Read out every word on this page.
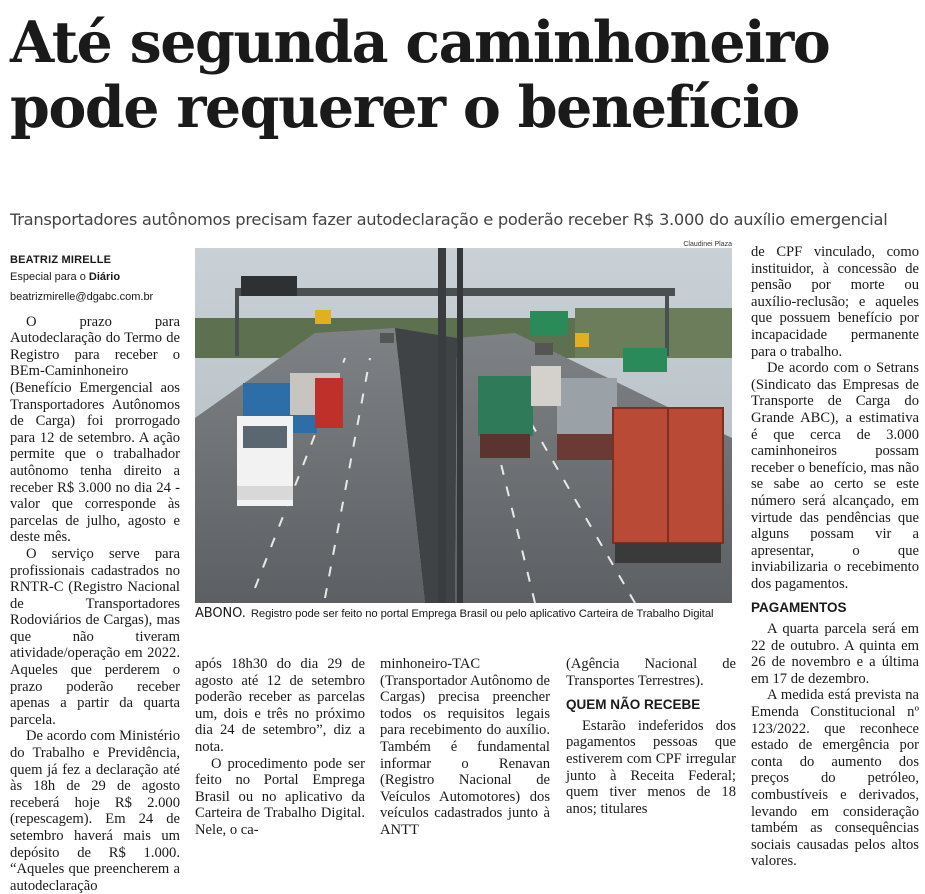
Até segunda caminhoneiro
pode requerer o benefício

Transportadores autônomos precisam fazer autodeclaração e poderão receber R$ 3.000 do auxílio emergencial

BEATRIZ MIRELLE
Especial para o Diário
beatrizmirelle@dgabc.com.br

O prazo para Autodeclaração do Termo de Registro para receber o BEm-Caminhoneiro (Benefício Emergencial aos Transportadores Autônomos de Carga) foi prorrogado para 12 de setembro. A ação permite que o trabalhador autônomo tenha direito a receber R$ 3.000 no dia 24 - valor que corresponde às parcelas de julho, agosto e deste mês.

O serviço serve para profissionais cadastrados no RNTR-C (Registro Nacional de Transportadores Rodoviários de Cargas), mas que não tiveram atividade/operação em 2022. Aqueles que perderem o prazo poderão receber apenas a partir da quarta parcela.

De acordo com Ministério do Trabalho e Previdência, quem já fez a declaração até às 18h de 29 de agosto receberá hoje R$ 2.000 (repescagem). Em 24 de setembro haverá mais um depósito de R$ 1.000. “Aqueles que preencherem a autodeclaração

Claudinei Plaza
ABONO. Registro pode ser feito no portal Emprega Brasil ou pelo aplicativo Carteira de Trabalho Digital

após 18h30 do dia 29 de agosto até 12 de setembro poderão receber as parcelas um, dois e três no próximo dia 24 de setembro”, diz a nota.

O procedimento pode ser feito no Portal Emprega Brasil ou no aplicativo da Carteira de Trabalho Digital. Nele, o ca-

minhoneiro-TAC (Transportador Autônomo de Cargas) precisa preencher todos os requisitos legais para recebimento do auxílio. Também é fundamental informar o Renavan (Registro Nacional de Veículos Automotores) dos veículos cadastrados junto à ANTT

(Agência Nacional de Transportes Terrestres).

QUEM NÃO RECEBE

Estarão indeferidos dos pagamentos pessoas que estiverem com CPF irregular junto à Receita Federal; quem tiver menos de 18 anos; titulares

de CPF vinculado, como instituidor, à concessão de pensão por morte ou auxílio-reclusão; e aqueles que possuem benefício por incapacidade permanente para o trabalho.

De acordo com o Setrans (Sindicato das Empresas de Transporte de Carga do Grande ABC), a estimativa é que cerca de 3.000 caminhoneiros possam receber o benefício, mas não se sabe ao certo se este número será alcançado, em virtude das pendências que alguns possam vir a apresentar, o que inviabilizaria o recebimento dos pagamentos.

PAGAMENTOS

A quarta parcela será em 22 de outubro. A quinta em 26 de novembro e a última em 17 de dezembro.

A medida está prevista na Emenda Constitucional nº 123/2022. que reconhece estado de emergência por conta do aumento dos preços do petróleo, combustíveis e derivados, levando em consideração também as consequências sociais causadas pelos altos valores.
